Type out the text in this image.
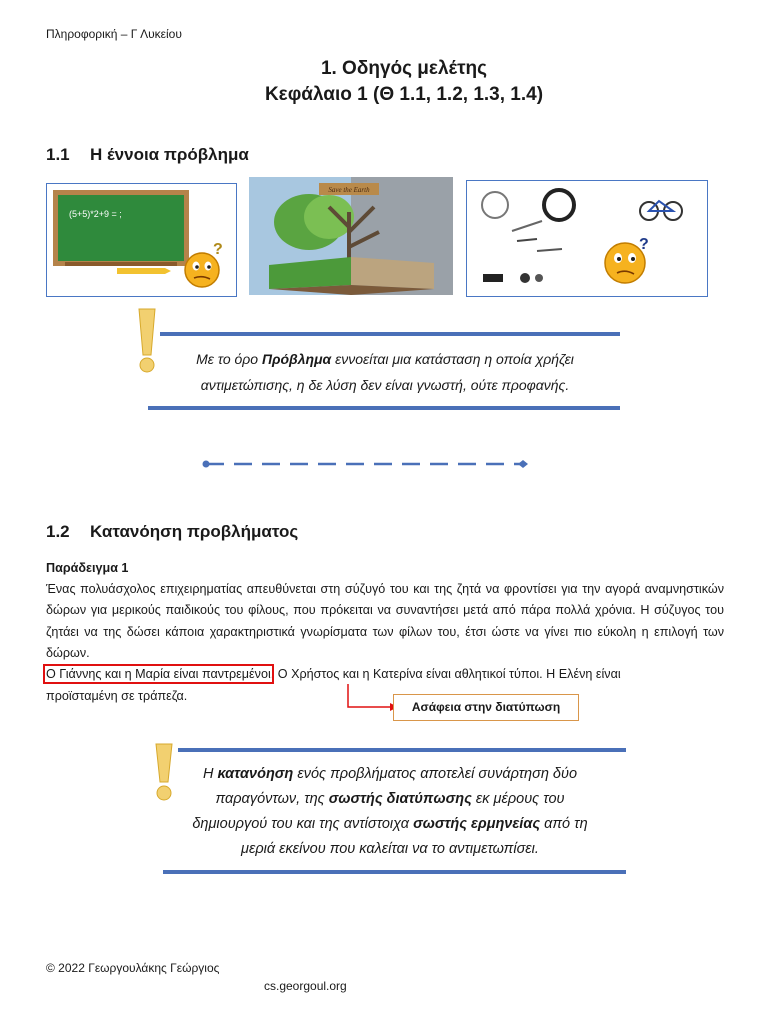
Πληροφορική – Γ Λυκείου
1. Οδηγός μελέτης
Κεφάλαιο 1 (Θ 1.1, 1.2, 1.3, 1.4)
1.1 Η έννοια πρόβλημα
(5+5)*2+9 = ;
?
Save the Earth
?
Με το όρο Πρόβλημα εννοείται μια κατάσταση η οποία χρήζει
αντιμετώπισης, η δε λύση δεν είναι γνωστή, ούτε προφανής.
1.2 Κατανόηση προβλήματος
Παράδειγμα 1
Ένας πολυάσχολος επιχειρηματίας απευθύνεται στη σύζυγό του και της ζητά να φροντίσει για την αγορά αναμνηστικών δώρων για μερικούς παιδικούς του φίλους, που πρόκειται να συναντήσει μετά από πάρα πολλά χρόνια. Η σύζυγος του ζητάει να της δώσει κάποια χαρακτηριστικά γνωρίσματα των φίλων του, έτσι ώστε να γίνει πιο εύκολη η επιλογή των δώρων.
Ο Γιάννης και η Μαρία είναι παντρεμένοι. Ο Χρήστος και η Κατερίνα είναι αθλητικοί τύποι. Η Ελένη είναι
προϊσταμένη σε τράπεζα.
Ασάφεια στην διατύπωση
Η κατανόηση ενός προβλήματος αποτελεί συνάρτηση δύο
παραγόντων, της σωστής διατύπωσης εκ μέρους του
δημιουργού του και της αντίστοιχα σωστής ερμηνείας από τη
μεριά εκείνου που καλείται να το αντιμετωπίσει.
© 2022 Γεωργουλάκης Γεώργιος
cs.georgoul.org
